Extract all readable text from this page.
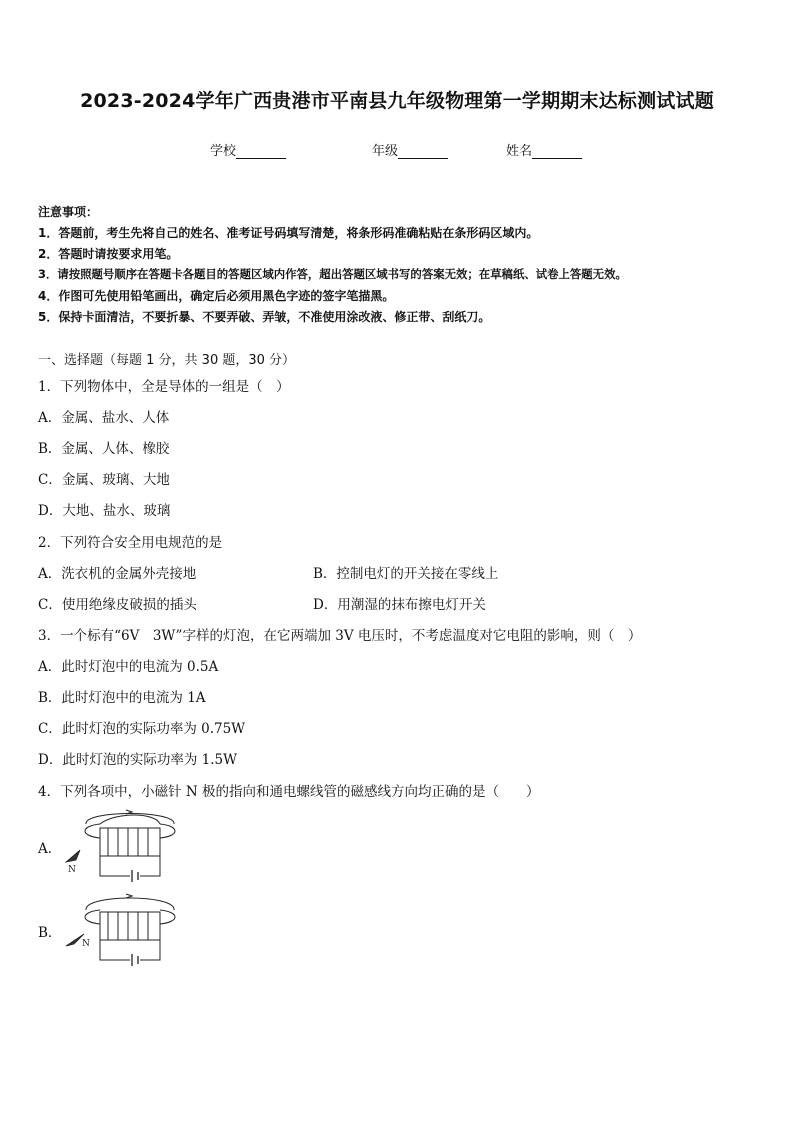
2023-2024学年广西贵港市平南县九年级物理第一学期期末达标测试试题
学校	年级	姓名
注意事项：
1．答题前，考生先将自己的姓名、准考证号码填写清楚，将条形码准确粘贴在条形码区域内。
2．答题时请按要求用笔。
3．请按照题号顺序在答题卡各题目的答题区域内作答，超出答题区域书写的答案无效；在草稿纸、试卷上答题无效。
4．作图可先使用铅笔画出，确定后必须用黑色字迹的签字笔描黑。
5．保持卡面清洁，不要折暴、不要弄破、弄皱，不准使用涂改液、修正带、刮纸刀。
一、选择题（每题 1 分，共 30 题，30 分）
1．下列物体中，全是导体的一组是（　）
A．金属、盐水、人体
B．金属、人体、橡胶
C．金属、玻璃、大地
D．大地、盐水、玻璃
2．下列符合安全用电规范的是
A．洗衣机的金属外壳接地	B．控制电灯的开关接在零线上
C．使用绝缘皮破损的插头	D．用潮湿的抹布擦电灯开关
3．一个标有“6V　3W”字样的灯泡，在它两端加 3V 电压时，不考虑温度对它电阻的影响，则（　）
A．此时灯泡中的电流为 0.5A
B．此时灯泡中的电流为 1A
C．此时灯泡的实际功率为 0.75W
D．此时灯泡的实际功率为 1.5W
4．下列各项中，小磁针 N 极的指向和通电螺线管的磁感线方向均正确的是（　　）
A．
B．
N
N
